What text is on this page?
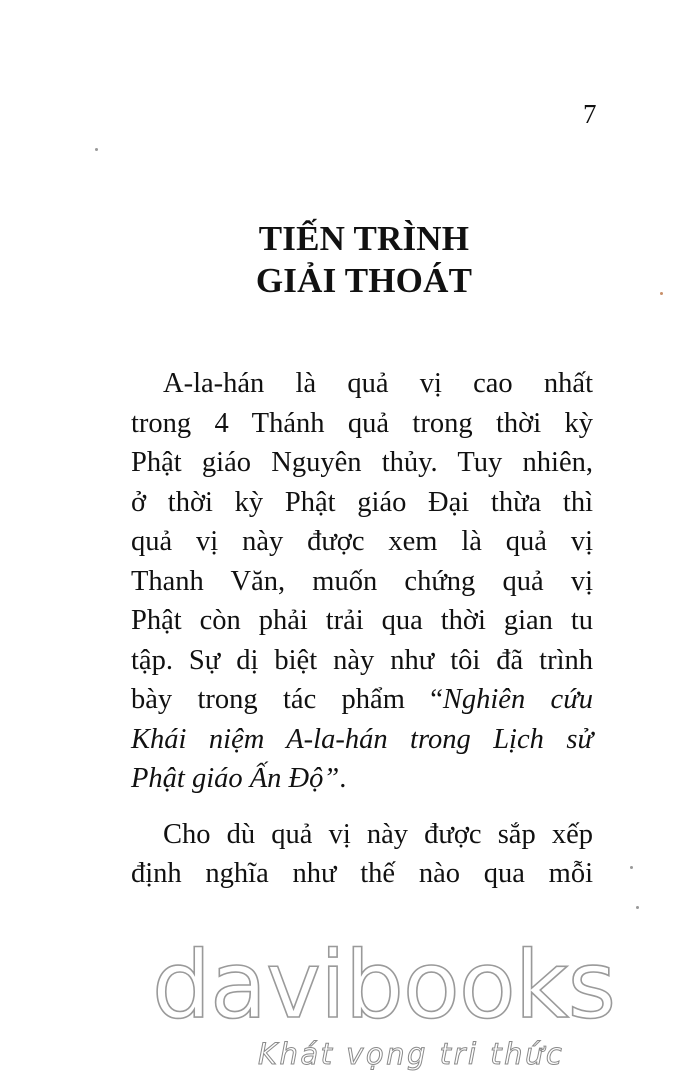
7
TIẾN TRÌNH
GIẢI THOÁT
A-la-hán là quả vị cao nhất
trong 4 Thánh quả trong thời kỳ
Phật giáo Nguyên thủy. Tuy nhiên,
ở thời kỳ Phật giáo Đại thừa thì
quả vị này được xem là quả vị
Thanh Văn, muốn chứng quả vị
Phật còn phải trải qua thời gian tu
tập. Sự dị biệt này như tôi đã trình
bày trong tác phẩm “Nghiên cứu
Khái niệm A-la-hán trong Lịch sử
Phật giáo Ấn Độ”.
Cho dù quả vị này được sắp xếp
định nghĩa như thế nào qua mỗi
davibooks
Khát vọng tri thức
